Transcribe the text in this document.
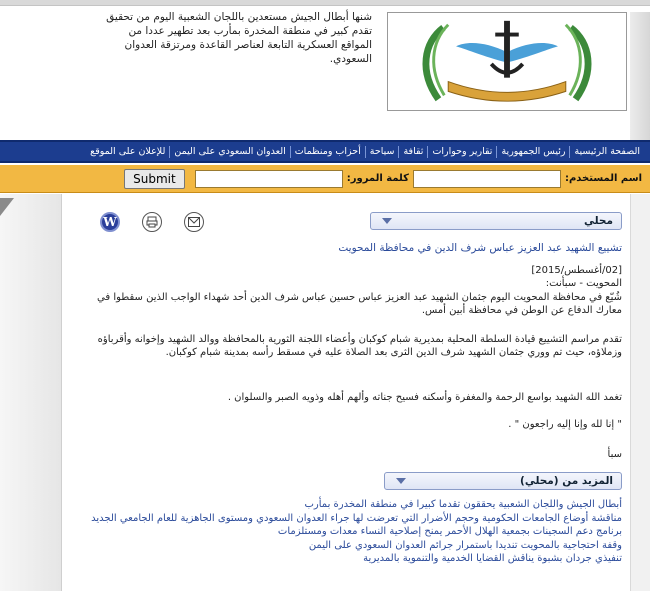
شنها أبطال الجيش مستعدين باللجان الشعبية اليوم من تحقيق تقدم كبير في منطقة المخدرة بمأرب بعد تطهير عددا من المواقع العسكرية التابعة لعناصر القاعدة ومرتزقة العدوان السعودي.
الصفحة الرئيسية
رئيس الجمهورية
تقارير وحوارات
ثقافة
سياحة
أحزاب ومنظمات
العدوان السعودي على اليمن
للإعلان على الموقع
اسم المستخدم:
كلمة المرور:
Submit
W	محلي
تشييع الشهيد عبد العزيز عباس شرف الدين في محافظة المحويت
[02/أغسطس/2015]
المحويت - سبأنت:
شُيّع في محافظة المحويت اليوم جثمان الشهيد عبد العزيز عباس حسين عباس شرف الدين أحد شهداء الواجب الذين سقطوا في معارك الدفاع عن الوطن في محافظة أبين أمس.
تقدم مراسم التشييع قيادة السلطة المحلية بمديرية شبام كوكبان وأعضاء اللجنة الثورية بالمحافظة ووالد الشهيد وإخوانه وأقرباؤه وزملاؤه، حيث تم ووري جثمان الشهيد شرف الدين الثرى بعد الصلاة عليه في مسقط رأسه بمدينة شبام كوكبان.
تغمد الله الشهيد بواسع الرحمة والمغفرة وأسكنه فسيح جناته وألهم أهله وذويه الصبر والسلوان .
" إنا لله وإنا إليه راجعون " .
سبأ
المزيد من (محلي)
أبطال الجيش واللجان الشعبية يحققون تقدما كبيرا في منطقة المخدرة بمأرب
مناقشة أوضاع الجامعات الحكومية وحجم الأضرار التي تعرضت لها جراء العدوان السعودي ومستوى الجاهزية للعام الجامعي الجديد
برنامج دعم السجينات بجمعية الهلال الأحمر يمنح إصلاحية النساء معدات ومستلزمات
وقفة احتجاجية بالمحويت تنديدا باستمرار جرائم العدوان السعودي على اليمن
تنفيذي جردان بشبوة يناقش القضايا الخدمية والتنموية بالمديرية
